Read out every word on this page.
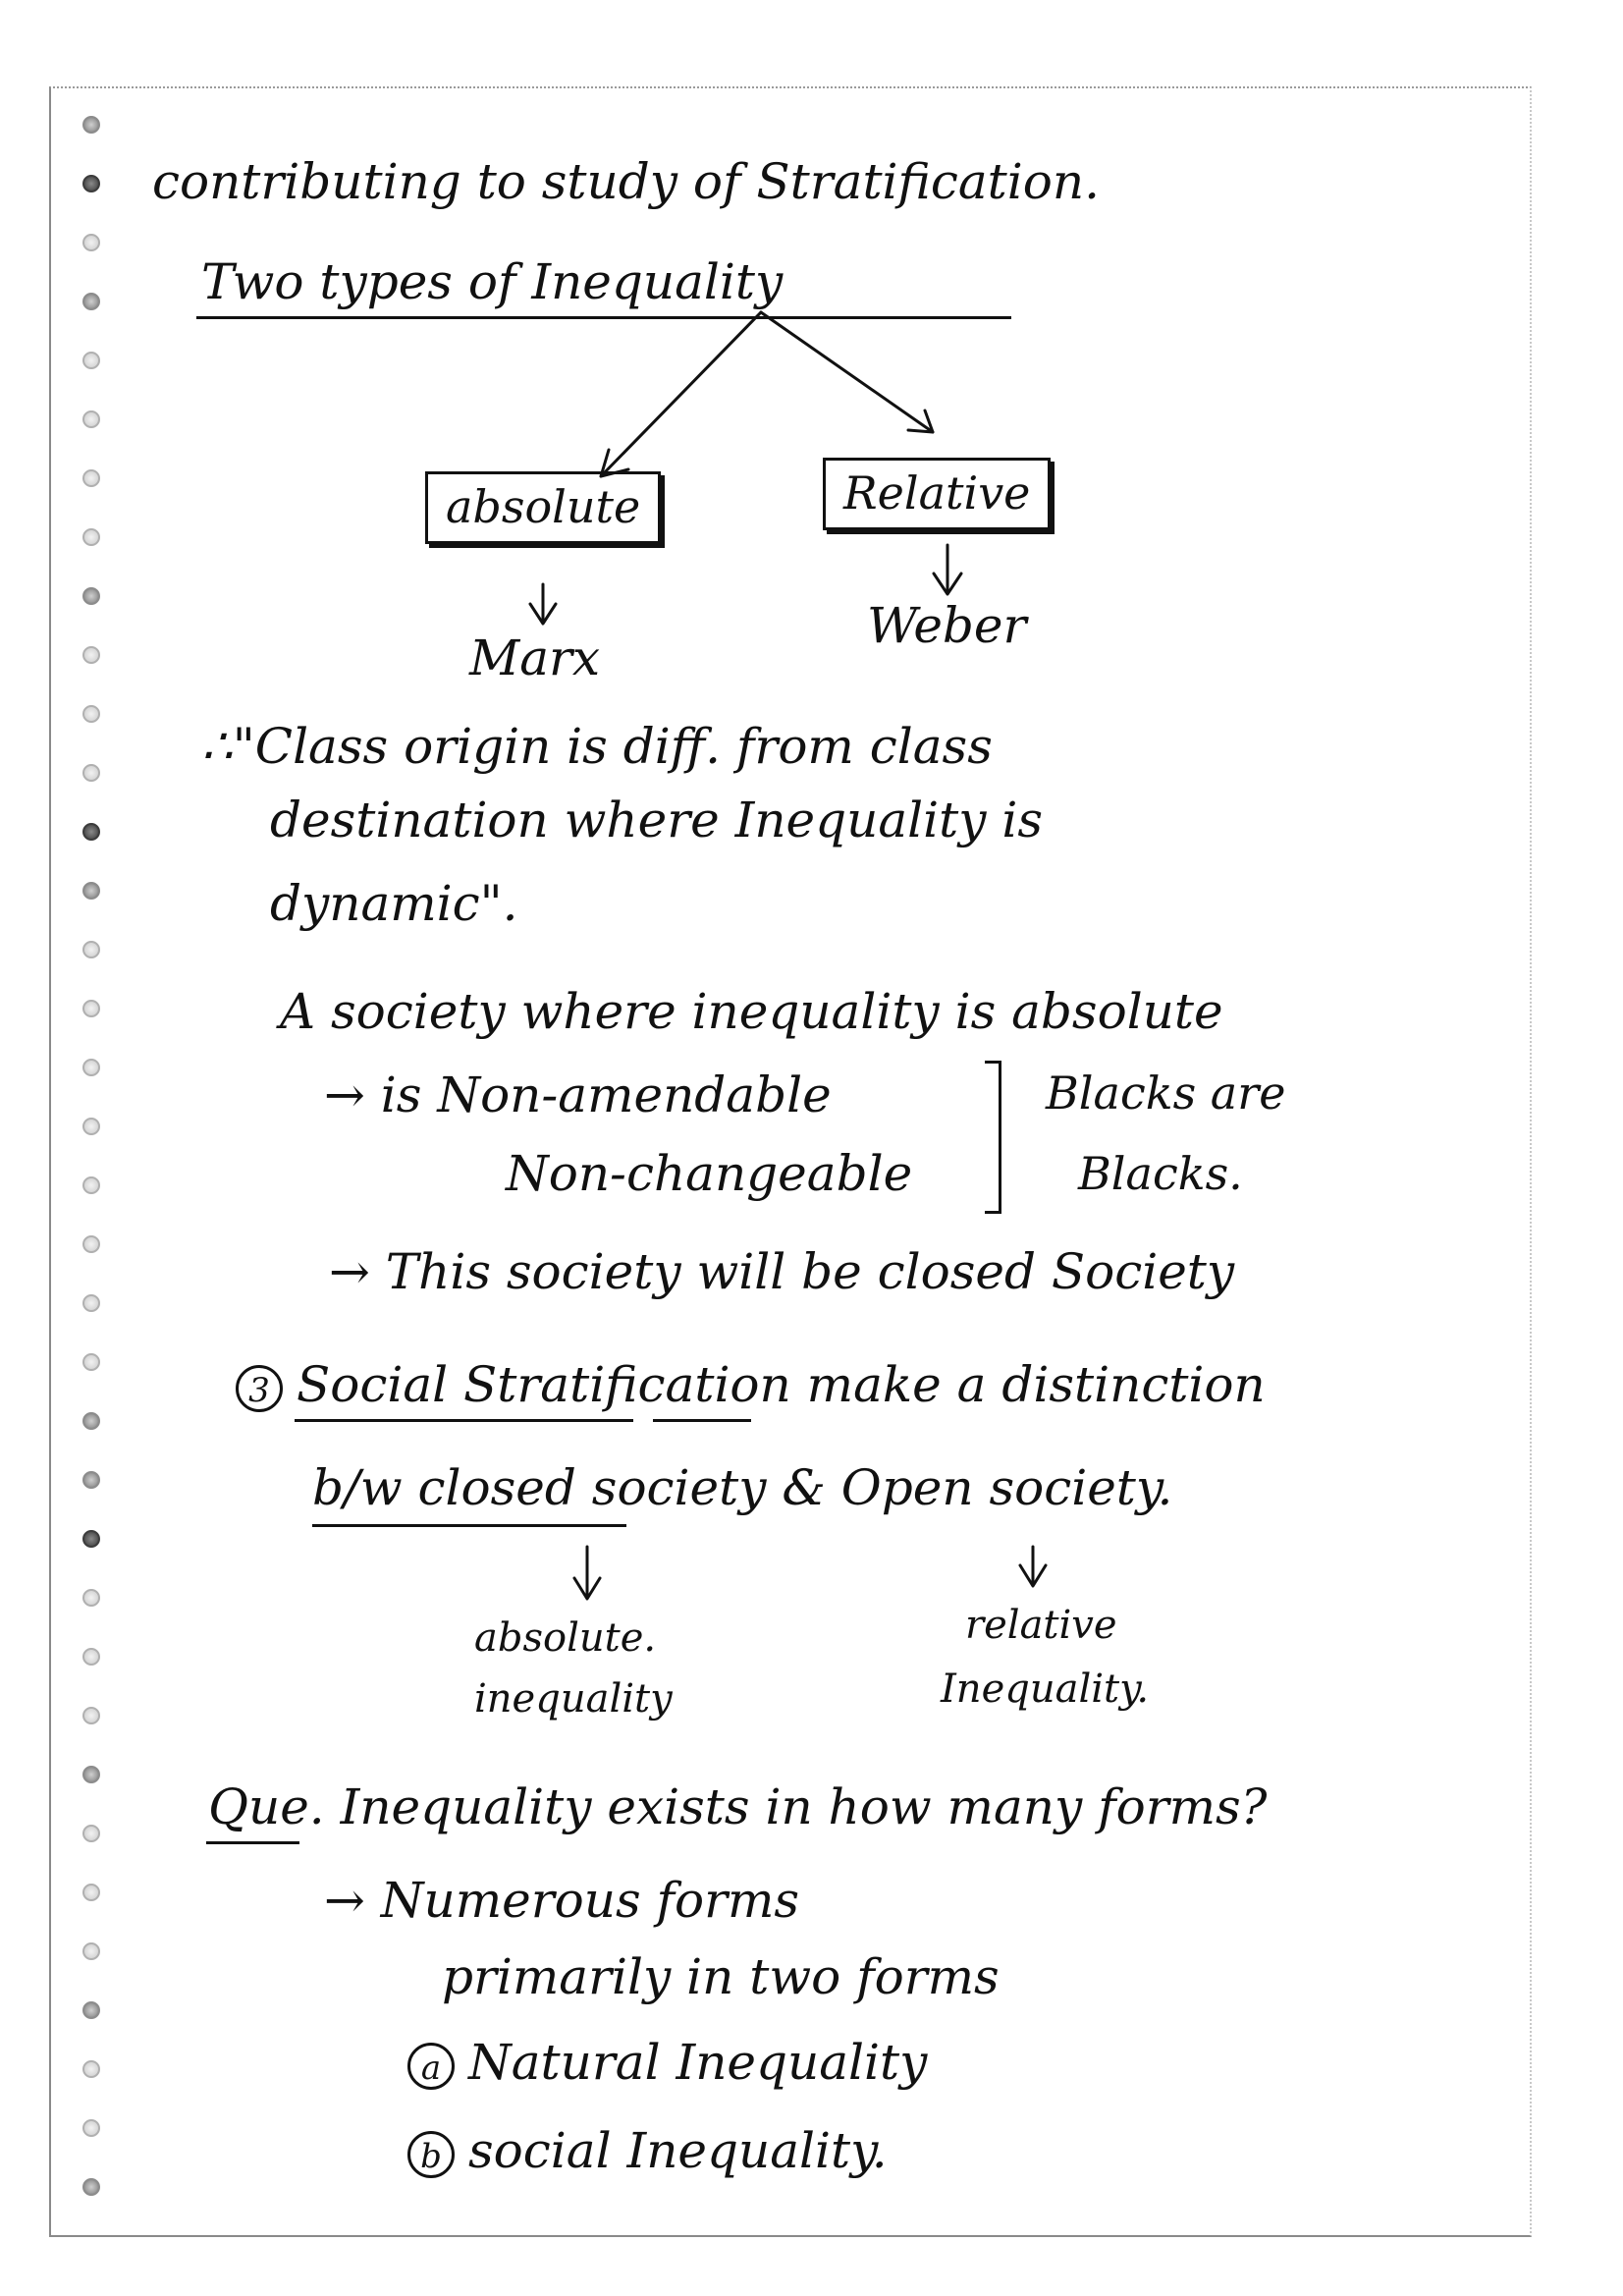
contributing to study of Stratification.
Two types of Inequality
absolute	Relative
Marx
Weber
∴"Class origin is diff. from class
destination where Inequality is
dynamic".
A society where inequality is absolute
→ is Non-amendable
Non-changeable
Blacks are
Blacks.
→ This society will be closed Society
3 Social Stratification make a distinction
b/w closed society & Open society.
absolute.
inequality
relative
Inequality.
Que. Inequality exists in how many forms?
→ Numerous forms
primarily in two forms
a Natural Inequality
b social Inequality.
